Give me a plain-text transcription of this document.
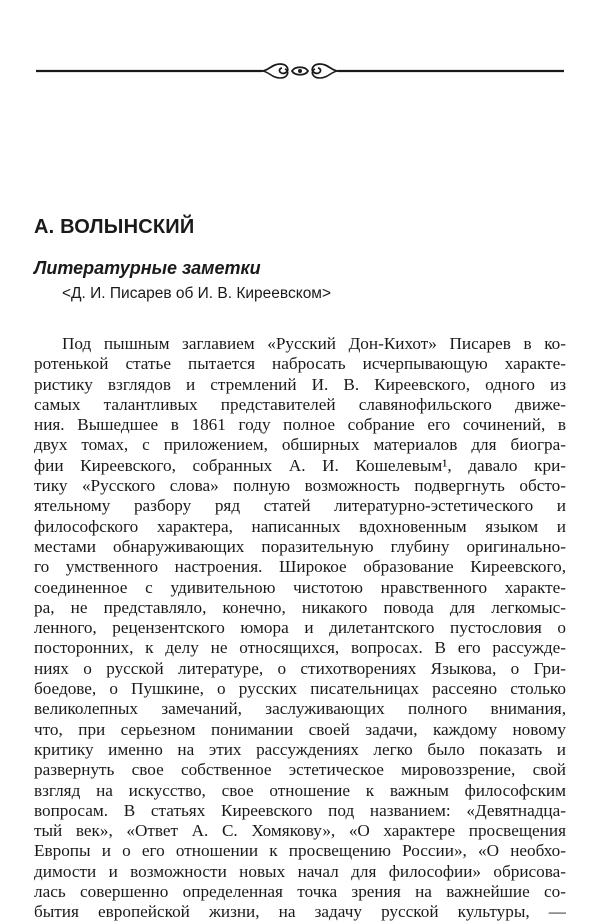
А. ВОЛЫНСКИЙ
Литературные заметки

<Д. И. Писарев об И. В. Киреевском>

Под пышным заглавием «Русский Дон-Кихот» Писарев в ко-
ротенькой статье пытается набросать исчерпывающую характе-
ристику взглядов и стремлений И. В. Киреевского, одного из
самых талантливых представителей славянофильского движе-
ния. Вышедшее в 1861 году полное собрание его сочинений, в
двух томах, с приложением, обширных материалов для биогра-
фии Киреевского, собранных А. И. Кошелевым¹, давало кри-
тику «Русского слова» полную возможность подвергнуть обсто-
ятельному разбору ряд статей литературно-эстетического и
философского характера, написанных вдохновенным языком и
местами обнаруживающих поразительную глубину оригинально-
го умственного настроения. Широкое образование Киреевского,
соединенное с удивительною чистотою нравственного характе-
ра, не представляло, конечно, никакого повода для легкомыс-
ленного, рецензентского юмора и дилетантского пустословия о
посторонних, к делу не относящихся, вопросах. В его рассужде-
ниях о русской литературе, о стихотворениях Языкова, о Гри-
боедове, о Пушкине, о русских писательницах рассеяно столько
великолепных замечаний, заслуживающих полного внимания,
что, при серьезном понимании своей задачи, каждому новому
критику именно на этих рассуждениях легко было показать и
развернуть свое собственное эстетическое мировоззрение, свой
взгляд на искусство, свое отношение к важным философским
вопросам. В статьях Киреевского под названием: «Девятнадца-
тый век», «Ответ А. С. Хомякову», «О характере просвещения
Европы и о его отношении к просвещению России», «О необхо-
димости и возможности новых начал для философии» обрисова-
лась совершенно определенная точка зрения на важнейшие со-
бытия европейской жизни, на задачу русской культуры, —
